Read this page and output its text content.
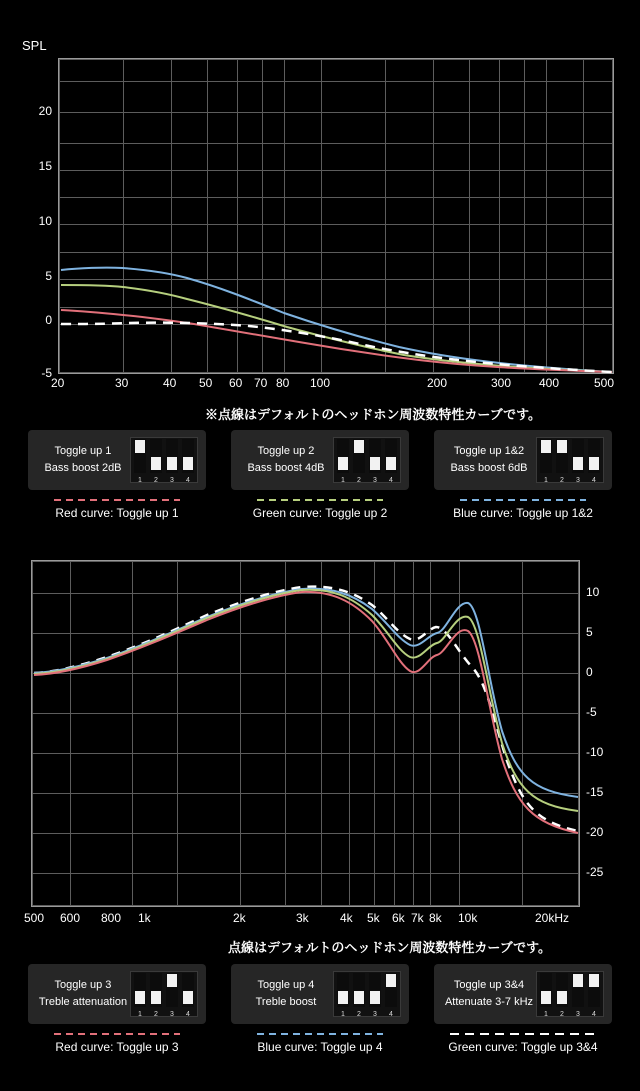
SPL
20
15
10
5
0
-5
20	30	40 50 60 70 80 100	200	300 400	500
※点線はデフォルトのヘッドホン周波数特性カーブです。
Toggle up 1
Bass boost 2dB
1	2	3	4
Toggle up 2
Bass boost 4dB
1	2	3	4
Toggle up 1&2
Bass boost 6dB
1	2	3	4
Red curve: Toggle up 1	Green curve: Toggle up 2	Blue curve: Toggle up 1&2
10
5
0
-5
-10
-15
-20
-25
500 600 800 1k	2k	3k	4k 5k 6k 7k 8k 10k	20kHz
点線はデフォルトのヘッドホン周波数特性カーブです。
Toggle up 3
Treble attenuation
1	2	3	4
Toggle up 4
Treble boost
1	2	3	4
Toggle up 3&4
Attenuate 3-7 kHz
1	2	3	4
Red curve: Toggle up 3	Blue curve: Toggle up 4	Green curve: Toggle up 3&4
